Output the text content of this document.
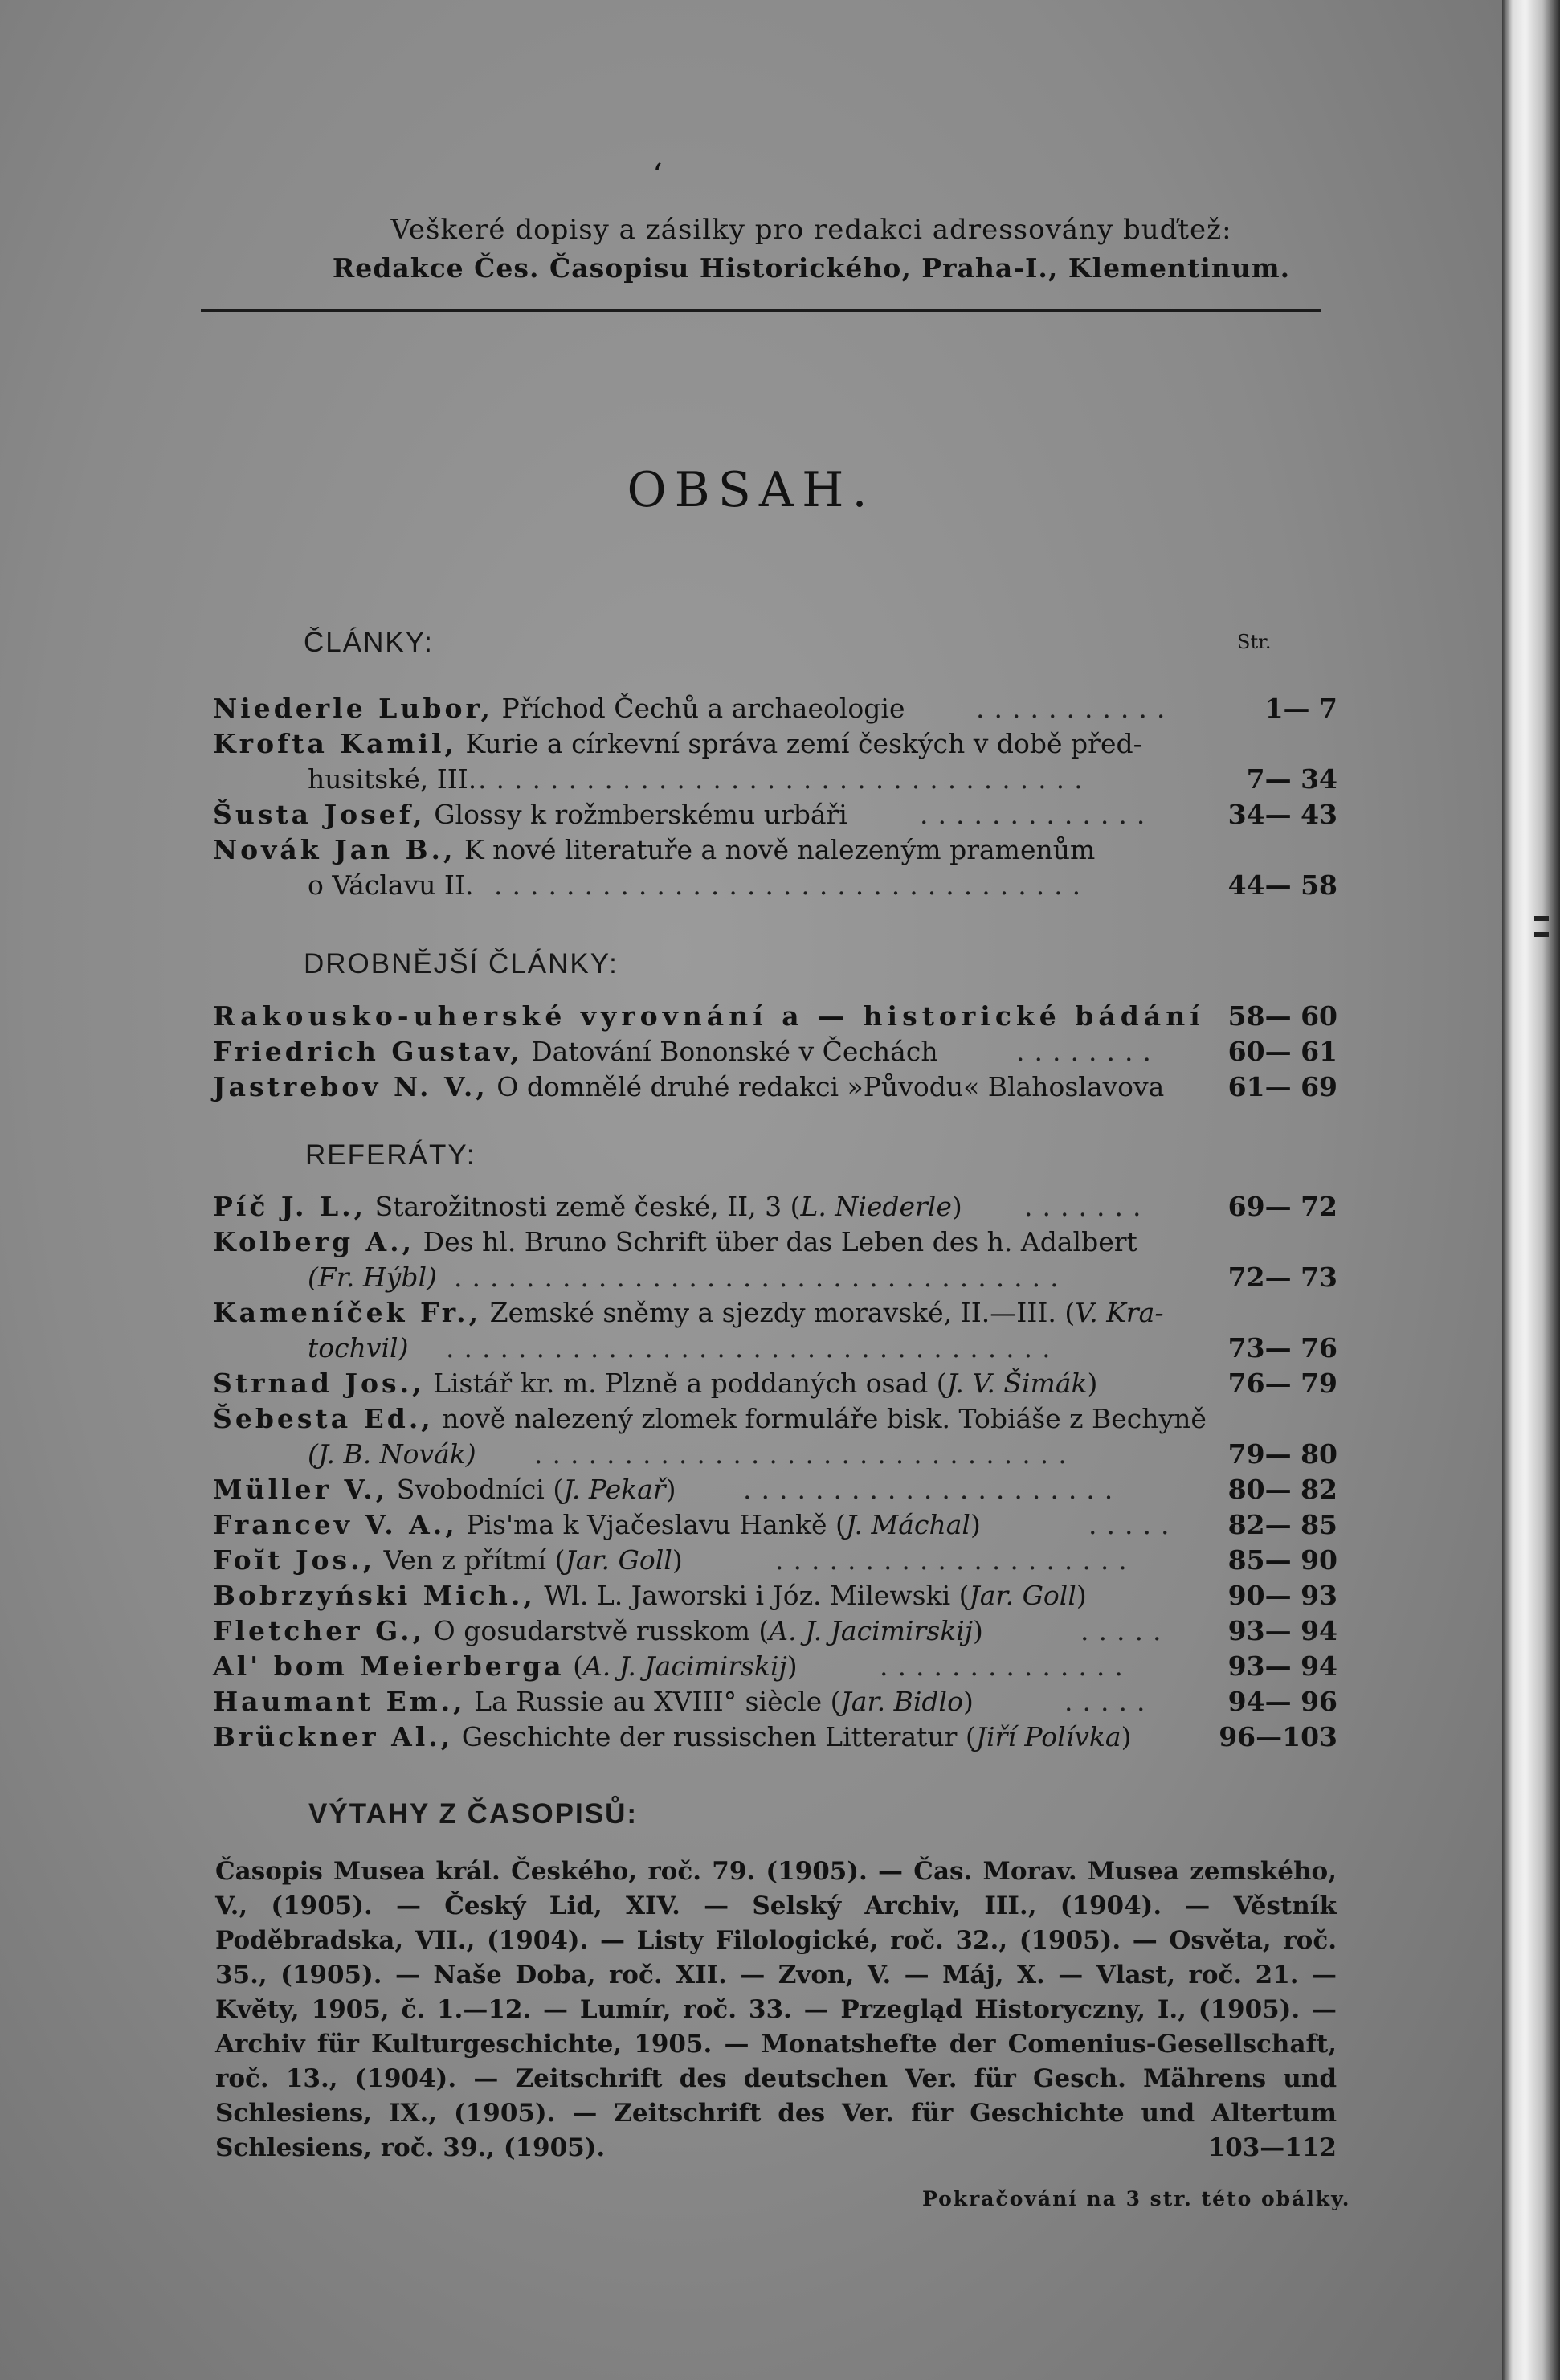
ʻ
Veškeré dopisy a zásilky pro redakci adressovány buďtež:
Redakce Čes. Časopisu Historického, Praha-I., Klementinum.
OBSAH.
ČLÁNKY:	Str.
Niederle Lubor, Příchod Čechů a archaeologie	...........	1— 7
Krofta Kamil, Kurie a církevní správa zemí českých v době před-
husitské, III. ..................................	7— 34
Šusta Josef, Glossy k rožmberskému urbáři	.............	34— 43
Novák Jan B., K nové literatuře a nově nalezeným pramenům
o Václavu II. .................................	44— 58
DROBNĚJŠÍ ČLÁNKY:
Rakousko-uherské vyrovnání a — historické bádání 58— 60
Friedrich Gustav, Datování Bononské v Čechách	........	60— 61
Jastrebov N. V., O domnělé druhé redakci »Původu« Blahoslavova	61— 69
REFERÁTY:
Píč J. L., Starožitnosti země české, II, 3 (L. Niederle) .......	69— 72
Kolberg A., Des hl. Bruno Schrift über das Leben des h. Adalbert
(Fr. Hýbl) ..................................	72— 73
Kameníček Fr., Zemské sněmy a sjezdy moravské, II.—III. (V. Kra-
tochvil) ..................................	73— 76
Strnad Jos., Listář kr. m. Plzně a poddaných osad (J. V. Šimák)	76— 79
Šebesta Ed., nově nalezený zlomek formuláře bisk. Tobiáše z Bechyně
(J. B. Novák) ..............................	79— 80
Müller V., Svobodníci (J. Pekař)	.....................	80— 82
Francev V. A., Pis'ma k Vjačeslavu Hankě (J. Máchal)	.....	82— 85
Foĭt Jos., Ven z přítmí (Jar. Goll)	....................	85— 90
Bobrzyński Mich., Wl. L. Jaworski i Józ. Milewski (Jar. Goll)	90— 93
Fletcher G., O gosudarstvě russkom (A. J. Jacimirskij)	.....	93— 94
Al' bom Meierberga (A. J. Jacimirskij)	..............	93— 94
Haumant Em., La Russie au XVIII° siècle (Jar. Bidlo)	.....	94— 96
Brückner Al., Geschichte der russischen Litteratur (Jiří Polívka)	96—103
VÝTAHY Z ČASOPISŮ:
Časopis Musea král. Českého, roč. 79. (1905). — Čas. Morav. Musea zemského, V., (1905). — Český Lid, XIV. — Selský Archiv, III., (1904). — Věstník Poděbradska, VII., (1904). — Listy Filologické, roč. 32., (1905). — Osvěta, roč. 35., (1905). — Naše Doba, roč. XII. — Zvon, V. — Máj, X. — Vlast, roč. 21. — Květy, 1905, č. 1.—12. — Lumír, roč. 33. — Przegląd Historyczny, I., (1905). — Archiv für Kulturgeschichte, 1905. — Monatshefte der Comenius-Gesellschaft, roč. 13., (1904). — Zeitschrift des deutschen Ver. für Gesch. Mährens und Schlesiens, IX., (1905). — Zeitschrift des Ver. für Geschichte und Altertum Schlesiens, roč. 39., (1905).	103—112
Pokračování na 3 str. této obálky.
